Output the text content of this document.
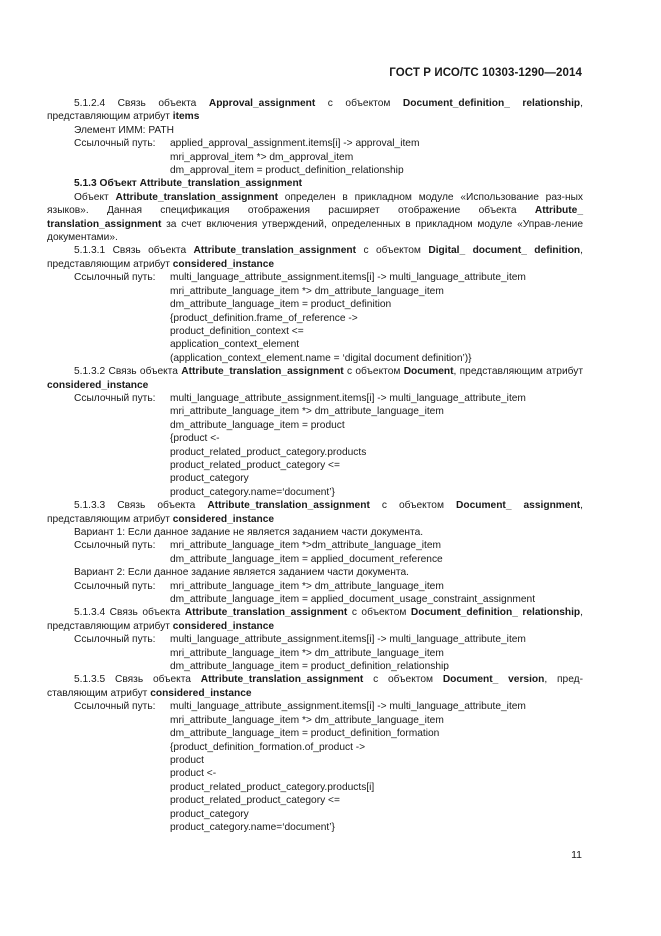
ГОСТ Р ИСО/ТС 10303-1290—2014
5.1.2.4 Связь объекта Approval_assignment с объектом Document_definition_ relationship, представляющим атрибут items
Элемент ИММ: PATH
Ссылочный путь:	applied_approval_assignment.items[i] -> approval_item
mri_approval_item *> dm_approval_item
dm_approval_item = product_definition_relationship
5.1.3 Объект Attribute_translation_assignment
Объект Attribute_translation_assignment определен в прикладном модуле «Использование раз-ных языков». Данная спецификация отображения расширяет отображение объекта Attribute_ translation_assignment за счет включения утверждений, определенных в прикладном модуле «Управ-ление документами».
5.1.3.1 Связь объекта Attribute_translation_assignment с объектом Digital_ document_ definition, представляющим атрибут considered_instance
Ссылочный путь:	multi_language_attribute_assignment.items[i] -> multi_language_attribute_item
mri_attribute_language_item *> dm_attribute_language_item
dm_attribute_language_item = product_definition
{product_definition.frame_of_reference ->
product_definition_context <=
application_context_element
(application_context_element.name = ‘digital document definition’)}
5.1.3.2 Связь объекта Attribute_translation_assignment с объектом Document, представляющим атрибут considered_instance
Ссылочный путь:	multi_language_attribute_assignment.items[i] -> multi_language_attribute_item
mri_attribute_language_item *> dm_attribute_language_item
dm_attribute_language_item = product
{product <-
product_related_product_category.products
product_related_product_category <=
product_category
product_category.name=‘document’}
5.1.3.3 Связь объекта Attribute_translation_assignment с объектом Document_ assignment, представляющим атрибут considered_instance
Вариант 1: Если данное задание не является заданием части документа.
Ссылочный путь:	mri_attribute_language_item *>dm_attribute_language_item
dm_attribute_language_item = applied_document_reference
Вариант 2: Если данное задание является заданием части документа.
Ссылочный путь:	mri_attribute_language_item *> dm_attribute_language_item
dm_attribute_language_item = applied_document_usage_constraint_assignment
5.1.3.4 Связь объекта Attribute_translation_assignment с объектом Document_definition_ relationship, представляющим атрибут considered_instance
Ссылочный путь:	multi_language_attribute_assignment.items[i] -> multi_language_attribute_item
mri_attribute_language_item *> dm_attribute_language_item
dm_attribute_language_item = product_definition_relationship
5.1.3.5 Связь объекта Attribute_translation_assignment с объектом Document_ version, пред-ставляющим атрибут considered_instance
Ссылочный путь:	multi_language_attribute_assignment.items[i] -> multi_language_attribute_item
mri_attribute_language_item *> dm_attribute_language_item
dm_attribute_language_item = product_definition_formation
{product_definition_formation.of_product ->
product
product <-
product_related_product_category.products[i]
product_related_product_category <=
product_category
product_category.name=‘document’}
11
